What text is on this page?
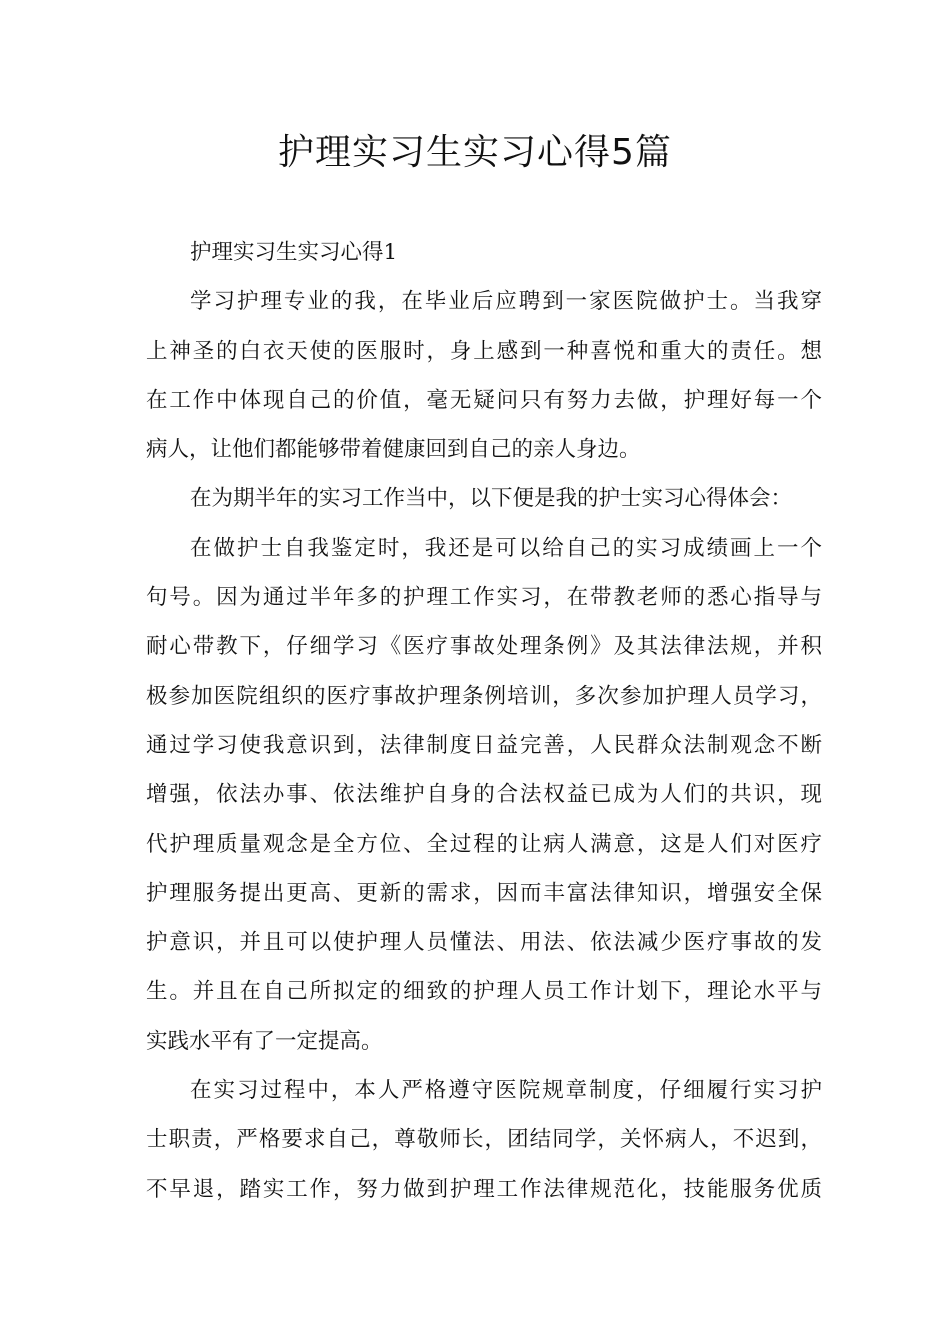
护理实习生实习心得5篇
护理实习生实习心得1
学习护理专业的我，在毕业后应聘到一家医院做护士。当我穿
上神圣的白衣天使的医服时，身上感到一种喜悦和重大的责任。想
在工作中体现自己的价值，毫无疑问只有努力去做，护理好每一个
病人，让他们都能够带着健康回到自己的亲人身边。
在为期半年的实习工作当中，以下便是我的护士实习心得体会：
在做护士自我鉴定时，我还是可以给自己的实习成绩画上一个
句号。因为通过半年多的护理工作实习，在带教老师的悉心指导与
耐心带教下，仔细学习《医疗事故处理条例》及其法律法规，并积
极参加医院组织的医疗事故护理条例培训，多次参加护理人员学习，
通过学习使我意识到，法律制度日益完善，人民群众法制观念不断
增强，依法办事、依法维护自身的合法权益已成为人们的共识，现
代护理质量观念是全方位、全过程的让病人满意，这是人们对医疗
护理服务提出更高、更新的需求，因而丰富法律知识，增强安全保
护意识，并且可以使护理人员懂法、用法、依法减少医疗事故的发
生。并且在自己所拟定的细致的护理人员工作计划下，理论水平与
实践水平有了一定提高。
在实习过程中，本人严格遵守医院规章制度，仔细履行实习护
士职责，严格要求自己，尊敬师长，团结同学，关怀病人，不迟到，
不早退，踏实工作，努力做到护理工作法律规范化，技能服务优质
